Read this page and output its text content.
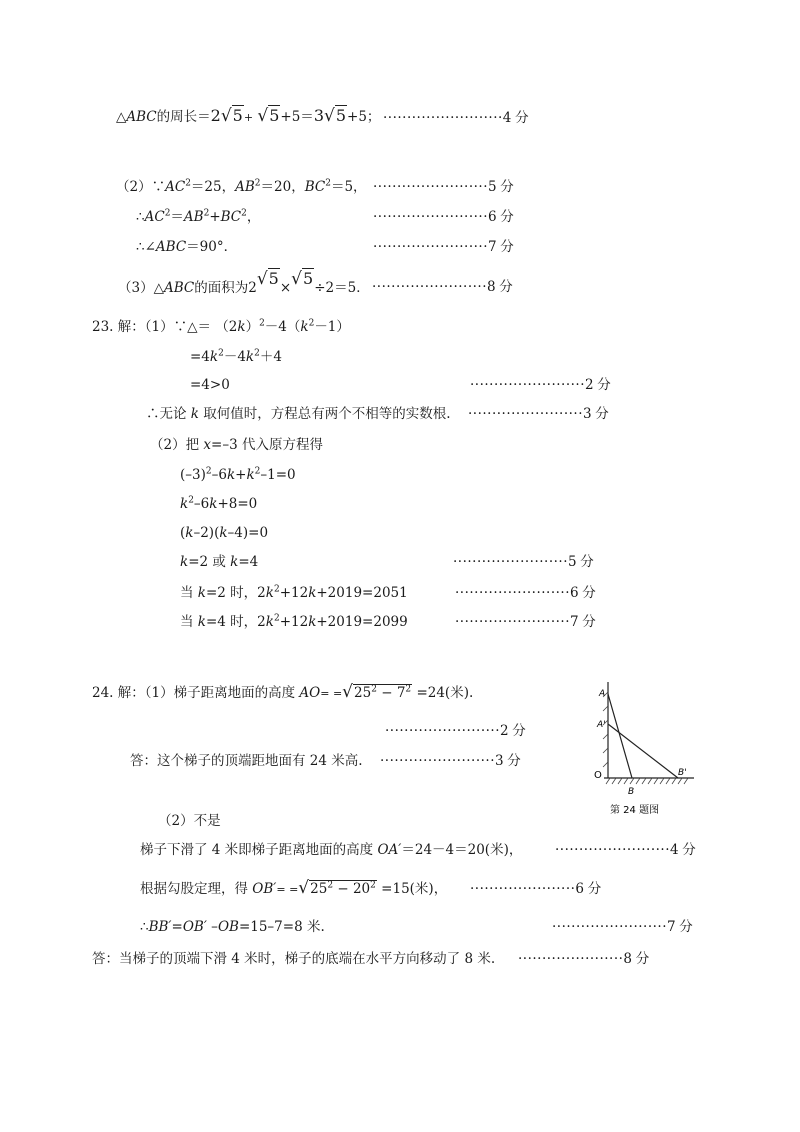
△ABC的周长＝2√5+ √5+5＝3√5+5； ·························4 分
$(2)\because AC^2=25$，$AB^2=20$，$BC^2=5$， ························5 分
$\therefore AC^2=AB^2+BC^2$，	························6 分
∴∠ABC＝90°．	························7 分
（3）△ABC的面积为2√5×√5÷2＝5． ························8 分
23. 解：（1）∵△＝ $(2k)^2-4(k^2-1)$
$=4k^2-4k^2+4$
=4>0	························2 分
∴无论 k 取何值时，方程总有两个不相等的实数根. ························3 分
（2）把 x=–3 代入原方程得
$(-3)^2-6k+k^2-1=0$
$k^2-6k+8=0$
(k–2)(k–4)=0
k=2 或 k=4	························5 分
当 k=2 时，$2k^2+12k+2019=2051$	························6 分
当 k=4 时，$2k^2+12k+2019=2099$	························7 分
24. 解：（1）梯子距离地面的高度 $AO= =√25^2 - 7^2 =24$(米).
························2 分
答：这个梯子的顶端距地面有 24 米高. ························3 分
（2）不是
梯子下滑了 4 米即梯子距离地面的高度 OA′＝24－4＝20(米)， ························4 分
根据勾股定理，得 $OB'= =√25^2 - 20^2 =15$(米)， ······················6 分
∴BB′=OB′ –OB=15–7=8 米.	························7 分
答：当梯子的顶端下滑 4 米时，梯子的底端在水平方向移动了 8 米. ······················8 分
A
A'
O
B
B'
第 24 题图
